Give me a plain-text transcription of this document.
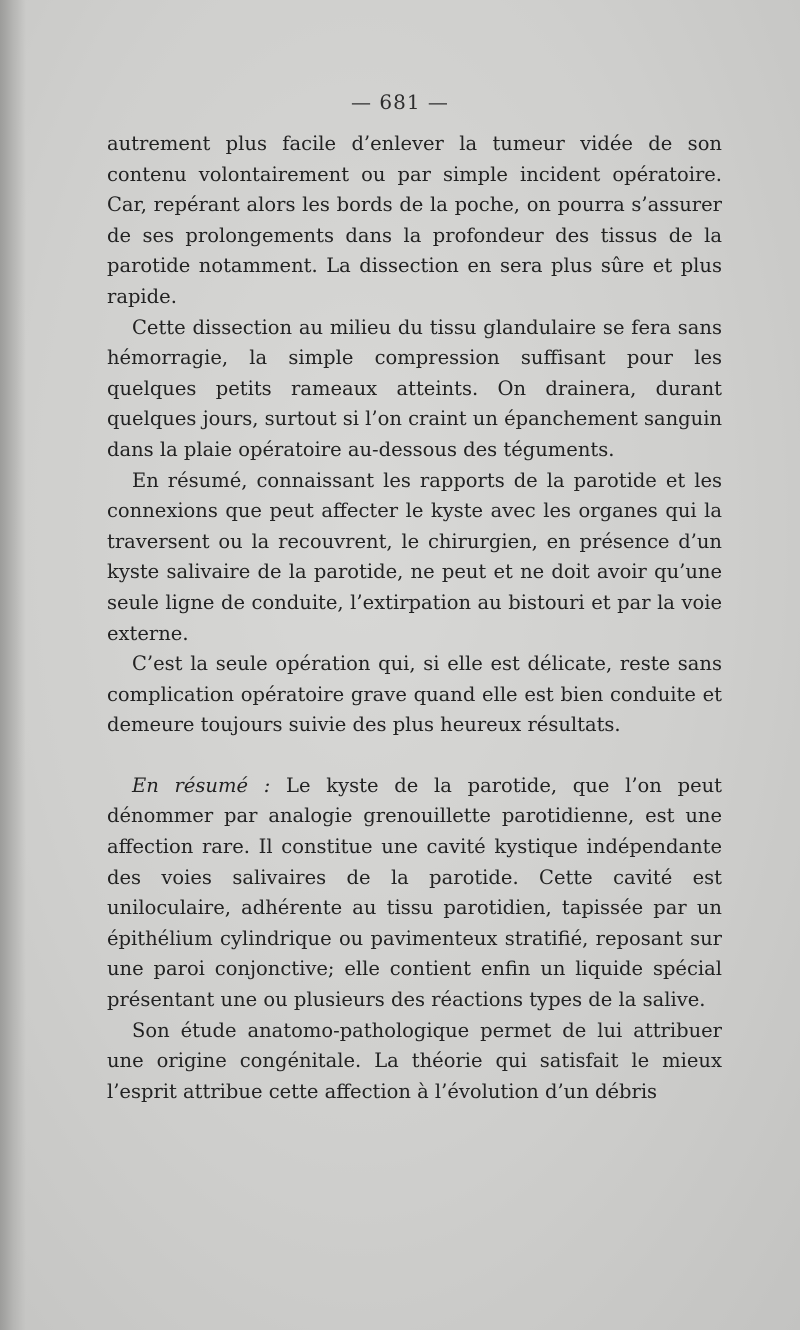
— 681 —

autrement plus facile d’enlever la tumeur vidée de son contenu volontairement ou par simple incident opératoire. Car, repérant alors les bords de la poche, on pourra s’assurer de ses prolongements dans la profondeur des tissus de la parotide notamment. La dissection en sera plus sûre et plus rapide.

Cette dissection au milieu du tissu glandulaire se fera sans hémorragie, la simple compression suffisant pour les quelques petits rameaux atteints. On drainera, durant quelques jours, surtout si l’on craint un épanchement sanguin dans la plaie opératoire au-dessous des téguments.

En résumé, connaissant les rapports de la parotide et les connexions que peut affecter le kyste avec les organes qui la traversent ou la recouvrent, le chirurgien, en présence d’un kyste salivaire de la parotide, ne peut et ne doit avoir qu’une seule ligne de conduite, l’extirpation au bistouri et par la voie externe.

C’est la seule opération qui, si elle est délicate, reste sans complication opératoire grave quand elle est bien conduite et demeure toujours suivie des plus heureux résultats.

En résumé : Le kyste de la parotide, que l’on peut dénommer par analogie grenouillette parotidienne, est une affection rare. Il constitue une cavité kystique indépendante des voies salivaires de la parotide. Cette cavité est uniloculaire, adhérente au tissu parotidien, tapissée par un épithélium cylindrique ou pavimenteux stratifié, reposant sur une paroi conjonctive; elle contient enfin un liquide spécial présentant une ou plusieurs des réactions types de la salive.

Son étude anatomo-pathologique permet de lui attribuer une origine congénitale. La théorie qui satisfait le mieux l’esprit attribue cette affection à l’évolution d’un débris
